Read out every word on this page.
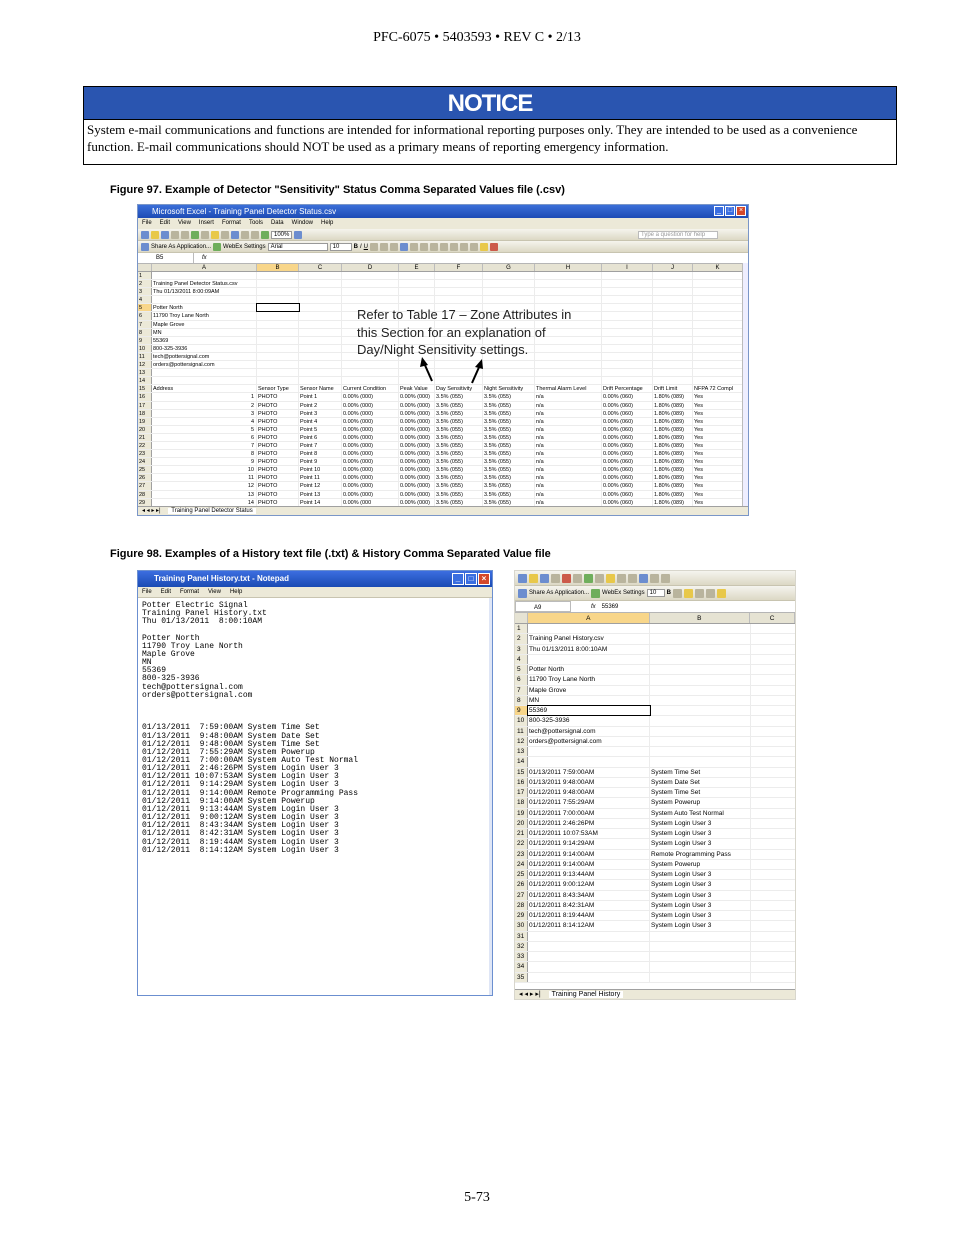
PFC-6075 • 5403593 • REV C • 2/13
NOTICE
System e-mail communications and functions are intended for informational reporting purposes only. They are intended to be used as a convenience function. E-mail communications should NOT be used as a primary means of reporting emergency information.
Figure 97. Example of Detector "Sensitivity" Status Comma Separated Values file (.csv)
Microsoft Excel - Training Panel Detector Status.csv	_ □ ×
File Edit View Insert Format Tools Data Window Help
100%	Type a question for help
Share As Application... WebEx Settings Arial	10	B I U
B5	fx
A	B	C	D	E	F	G	H	I	J	K
1
2	Training Panel Detector Status.csv
3	Thu 01/13/2011 8:00:09AM
4
5	Potter North
6	11790 Troy Lane North
7	Maple Grove
8	MN
9	55369
10	800-325-3936
11	tech@pottersignal.com
12	orders@pottersignal.com
13
14
15	Address	Sensor Type	Sensor Name	Current Condition	Peak Value	Day Sensitivity	Night Sensitivity	Thermal Alarm Level	Drift Percentage	Drift Limit	NFPA 72 Compl
16	1 PHOTO	Point 1	0.00% (000)	0.00% (000)	3.5% (055)	3.5% (055)	n/a	0.00% (060)	1.80% (089)	Yes
17	2 PHOTO	Point 2	0.00% (000)	0.00% (000)	3.5% (055)	3.5% (055)	n/a	0.00% (060)	1.80% (089)	Yes
18	3 PHOTO	Point 3	0.00% (000)	0.00% (000)	3.5% (055)	3.5% (055)	n/a	0.00% (060)	1.80% (089)	Yes
19	4 PHOTO	Point 4	0.00% (000)	0.00% (000)	3.5% (055)	3.5% (055)	n/a	0.00% (060)	1.80% (089)	Yes
20	5 PHOTO	Point 5	0.00% (000)	0.00% (000)	3.5% (055)	3.5% (055)	n/a	0.00% (060)	1.80% (089)	Yes
21	6 PHOTO	Point 6	0.00% (000)	0.00% (000)	3.5% (055)	3.5% (055)	n/a	0.00% (060)	1.80% (089)	Yes
22	7 PHOTO	Point 7	0.00% (000)	0.00% (000)	3.5% (055)	3.5% (055)	n/a	0.00% (060)	1.80% (089)	Yes
23	8 PHOTO	Point 8	0.00% (000)	0.00% (000)	3.5% (055)	3.5% (055)	n/a	0.00% (060)	1.80% (089)	Yes
24	9 PHOTO	Point 9	0.00% (000)	0.00% (000)	3.5% (055)	3.5% (055)	n/a	0.00% (060)	1.80% (089)	Yes
25	10 PHOTO	Point 10	0.00% (000)	0.00% (000)	3.5% (055)	3.5% (055)	n/a	0.00% (060)	1.80% (089)	Yes
26	11 PHOTO	Point 11	0.00% (000)	0.00% (000)	3.5% (055)	3.5% (055)	n/a	0.00% (060)	1.80% (089)	Yes
27	12 PHOTO	Point 12	0.00% (000)	0.00% (000)	3.5% (055)	3.5% (055)	n/a	0.00% (060)	1.80% (089)	Yes
28	13 PHOTO	Point 13	0.00% (000)	0.00% (000)	3.5% (055)	3.5% (055)	n/a	0.00% (060)	1.80% (089)	Yes
29	14 PHOTO	Point 14	0.00% (000	0.00% (000)	3.5% (055)	3.5% (055)	n/a	0.00% (060)	1.80% (089)	Yes
◂ ◂ ▸ ▸| Training Panel Detector Status
Refer to Table 17 – Zone Attributes in this Section for an explanation of Day/Night Sensitivity settings.
Figure 98. Examples of a History text file (.txt) & History Comma Separated Value file
Training Panel History.txt - Notepad	_	□	×
File Edit Format View Help
Potter Electric Signal
Training Panel History.txt
Thu 01/13/2011  8:00:10AM

Potter North
11790 Troy Lane North
Maple Grove
MN
55369
800-325-3936
tech@pottersignal.com
orders@pottersignal.com

01/13/2011  7:59:00AM System Time Set
01/13/2011  9:48:00AM System Date Set
01/12/2011  9:48:00AM System Time Set
01/12/2011  7:55:29AM System Powerup
01/12/2011  7:00:00AM System Auto Test Normal
01/12/2011  2:46:26PM System Login User 3
01/12/2011 10:07:53AM System Login User 3
01/12/2011  9:14:29AM System Login User 3
01/12/2011  9:14:00AM Remote Programming Pass
01/12/2011  9:14:00AM System Powerup
01/12/2011  9:13:44AM System Login User 3
01/12/2011  9:00:12AM System Login User 3
01/12/2011  8:43:34AM System Login User 3
01/12/2011  8:42:31AM System Login User 3
01/12/2011  8:19:44AM System Login User 3
01/12/2011  8:14:12AM System Login User 3
Share As Application... WebEx Settings 10	B
A9	fx	55369
A	B	C
1
2	Training Panel History.csv
3	Thu 01/13/2011 8:00:10AM
4
5	Potter North
6	11790 Troy Lane North
7	Maple Grove
8	MN
9	55369
10 800-325-3936
11 tech@pottersignal.com
12 orders@pottersignal.com
13
14
15 01/13/2011 7:59:00AM	System Time Set
16 01/13/2011 9:48:00AM	System Date Set
17 01/12/2011 9:48:00AM	System Time Set
18 01/12/2011 7:55:29AM	System Powerup
19 01/12/2011 7:00:00AM	System Auto Test Normal
20 01/12/2011 2:46:26PM	System Login User 3
21 01/12/2011 10:07:53AM	System Login User 3
22 01/12/2011 9:14:29AM	System Login User 3
23 01/12/2011 9:14:00AM	Remote Programming Pass
24 01/12/2011 9:14:00AM	System Powerup
25 01/12/2011 9:13:44AM	System Login User 3
26 01/12/2011 9:00:12AM	System Login User 3
27 01/12/2011 8:43:34AM	System Login User 3
28 01/12/2011 8:42:31AM	System Login User 3
29 01/12/2011 8:19:44AM	System Login User 3
30 01/12/2011 8:14:12AM	System Login User 3
31
32
33
34
35
◂ ◂ ▸ ▸| Training Panel History
5-73
